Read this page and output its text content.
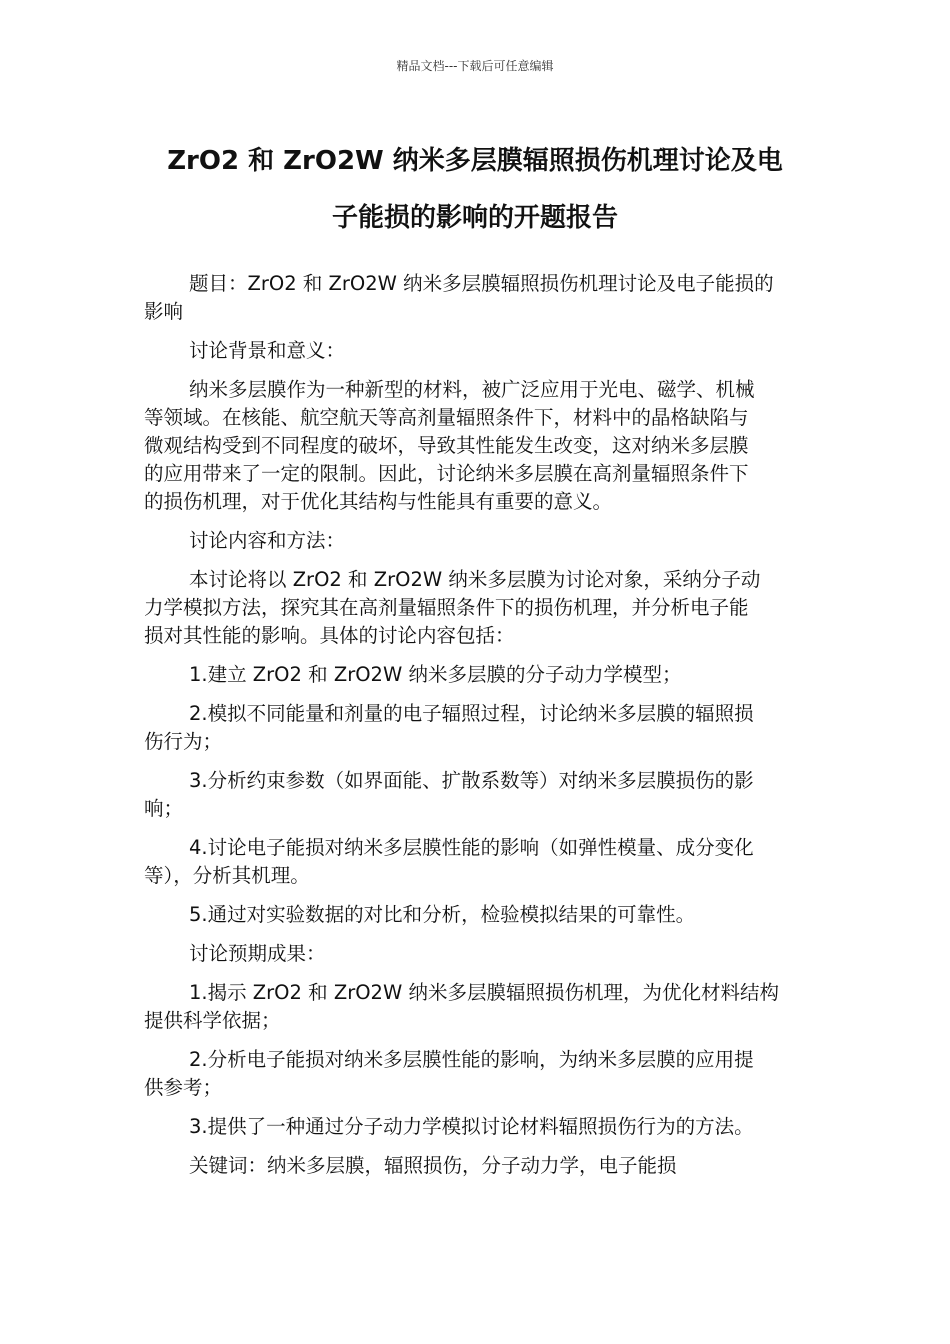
精品文档---下载后可任意编辑
ZrO2 和 ZrO2W 纳米多层膜辐照损伤机理讨论及电
子能损的影响的开题报告

题目：ZrO2 和 ZrO2W 纳米多层膜辐照损伤机理讨论及电子能损的
影响

讨论背景和意义：

纳米多层膜作为一种新型的材料，被广泛应用于光电、磁学、机械
等领域。在核能、航空航天等高剂量辐照条件下，材料中的晶格缺陷与
微观结构受到不同程度的破坏，导致其性能发生改变，这对纳米多层膜
的应用带来了一定的限制。因此，讨论纳米多层膜在高剂量辐照条件下
的损伤机理，对于优化其结构与性能具有重要的意义。

讨论内容和方法：

本讨论将以 ZrO2 和 ZrO2W 纳米多层膜为讨论对象，采纳分子动
力学模拟方法，探究其在高剂量辐照条件下的损伤机理，并分析电子能
损对其性能的影响。具体的讨论内容包括：

1.建立 ZrO2 和 ZrO2W 纳米多层膜的分子动力学模型；

2.模拟不同能量和剂量的电子辐照过程，讨论纳米多层膜的辐照损
伤行为；

3.分析约束参数（如界面能、扩散系数等）对纳米多层膜损伤的影
响；

4.讨论电子能损对纳米多层膜性能的影响（如弹性模量、成分变化
等），分析其机理。

5.通过对实验数据的对比和分析，检验模拟结果的可靠性。

讨论预期成果：

1.揭示 ZrO2 和 ZrO2W 纳米多层膜辐照损伤机理，为优化材料结构
提供科学依据；

2.分析电子能损对纳米多层膜性能的影响，为纳米多层膜的应用提
供参考；

3.提供了一种通过分子动力学模拟讨论材料辐照损伤行为的方法。

关键词：纳米多层膜，辐照损伤，分子动力学，电子能损
